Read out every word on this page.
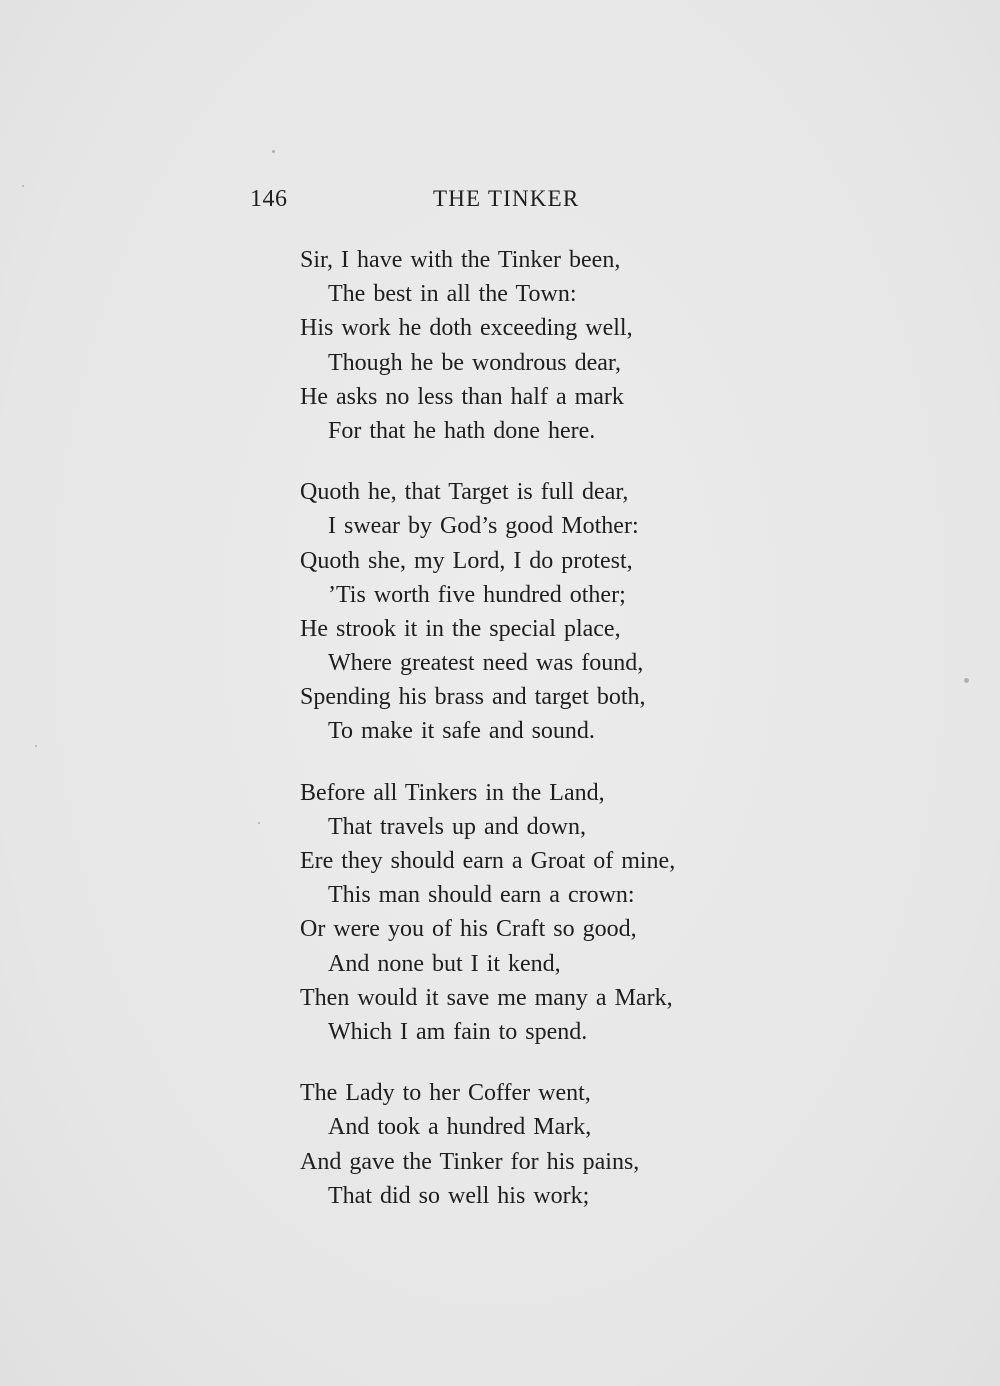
146	THE TINKER
Sir, I have with the Tinker been,
The best in all the Town:
His work he doth exceeding well,
Though he be wondrous dear,
He asks no less than half a mark
For that he hath done here.
Quoth he, that Target is full dear,
I swear by God’s good Mother:
Quoth she, my Lord, I do protest,
’Tis worth five hundred other;
He strook it in the special place,
Where greatest need was found,
Spending his brass and target both,
To make it safe and sound.
Before all Tinkers in the Land,
That travels up and down,
Ere they should earn a Groat of mine,
This man should earn a crown:
Or were you of his Craft so good,
And none but I it kend,
Then would it save me many a Mark,
Which I am fain to spend.
The Lady to her Coffer went,
And took a hundred Mark,
And gave the Tinker for his pains,
That did so well his work;
